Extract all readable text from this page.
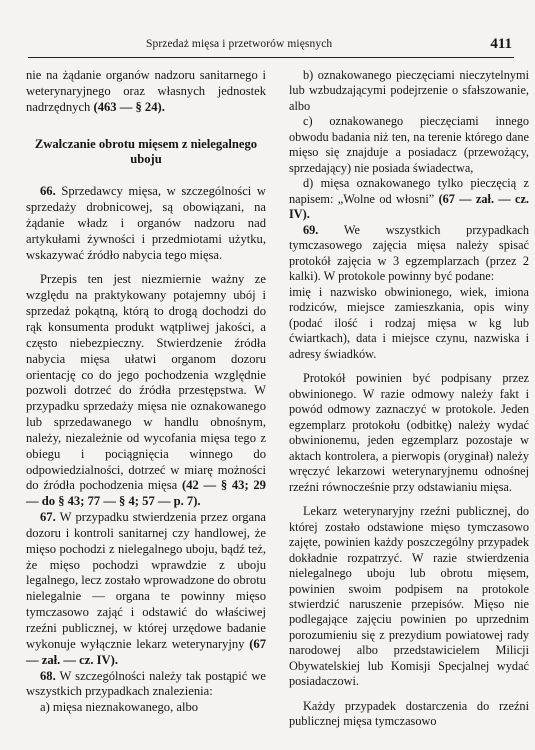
Sprzedaż mięsa i przetworów mięsnych	411

nie na żądanie organów nadzoru sanitarnego i weterynaryjnego oraz własnych jednostek nadrzędnych (463 — § 24).

Zwalczanie obrotu mięsem z nielegalnego uboju

66. Sprzedawcy mięsa, w szczególności w sprzedaży drobnicowej, są obowiązani, na żądanie władz i organów nadzoru nad artykułami żywności i przedmiotami użytku, wskazywać źródło nabycia tego mięsa.

Przepis ten jest niezmiernie ważny ze względu na praktykowany potajemny ubój i sprzedaż pokątną, którą to drogą dochodzi do rąk konsumenta produkt wątpliwej jakości, a często niebezpieczny. Stwierdzenie źródła nabycia mięsa ułatwi organom dozoru orientację co do jego pochodzenia względnie pozwoli dotrzeć do źródła przestępstwa. W przypadku sprzedaży mięsa nie oznakowanego lub sprzedawanego w handlu obnośnym, należy, niezależnie od wycofania mięsa tego z obiegu i pociągnięcia winnego do odpowiedzialności, dotrzeć w miarę możności do źródła pochodzenia mięsa (42 — § 43; 29 — do § 43; 77 — § 4; 57 — p. 7).

67. W przypadku stwierdzenia przez organa dozoru i kontroli sanitarnej czy handlowej, że mięso pochodzi z nielegalnego uboju, bądź też, że mięso pochodzi wprawdzie z uboju legalnego, lecz zostało wprowadzone do obrotu nielegalnie — organa te powinny mięso tymczasowo zająć i odstawić do właściwej rzeźni publicznej, w której urzędowe badanie wykonuje wyłącznie lekarz weterynaryjny (67 — zał. — cz. IV).

68. W szczególności należy tak postąpić we wszystkich przypadkach znalezienia:

a) mięsa nieznakowanego, albo

b) oznakowanego pieczęciami nieczytelnymi lub wzbudzającymi podejrzenie o sfałszowanie, albo

c) oznakowanego pieczęciami innego obwodu badania niż ten, na terenie którego dane mięso się znajduje a posiadacz (przewożący, sprzedający) nie posiada świadectwa,

d) mięsa oznakowanego tylko pieczęcią z napisem: „Wolne od włosni” (67 — zał. — cz. IV).

69. We wszystkich przypadkach tymczasowego zajęcia mięsa należy spisać protokół zajęcia w 3 egzemplarzach (przez 2 kalki). W protokole powinny być podane:

imię i nazwisko obwinionego, wiek, imiona rodziców, miejsce zamieszkania, opis winy (podać ilość i rodzaj mięsa w kg lub ćwiartkach), data i miejsce czynu, nazwiska i adresy świadków.

Protokół powinien być podpisany przez obwinionego. W razie odmowy należy fakt i powód odmowy zaznaczyć w protokole. Jeden egzemplarz protokołu (odbitkę) należy wydać obwinionemu, jeden egzemplarz pozostaje w aktach kontrolera, a pierwopis (oryginał) należy wręczyć lekarzowi weterynaryjnemu odnośnej rzeźni równocześnie przy odstawianiu mięsa.

Lekarz weterynaryjny rzeźni publicznej, do której zostało odstawione mięso tymczasowo zajęte, powinien każdy poszczególny przypadek dokładnie rozpatrzyć. W razie stwierdzenia nielegalnego uboju lub obrotu mięsem, powinien swoim podpisem na protokole stwierdzić naruszenie przepisów. Mięso nie podlegające zajęciu powinien po uprzednim porozumieniu się z prezydium powiatowej rady narodowej albo przedstawicielem Milicji Obywatelskiej lub Komisji Specjalnej wydać posiadaczowi.

Każdy przypadek dostarczenia do rzeźni publicznej mięsa tymczasowo
